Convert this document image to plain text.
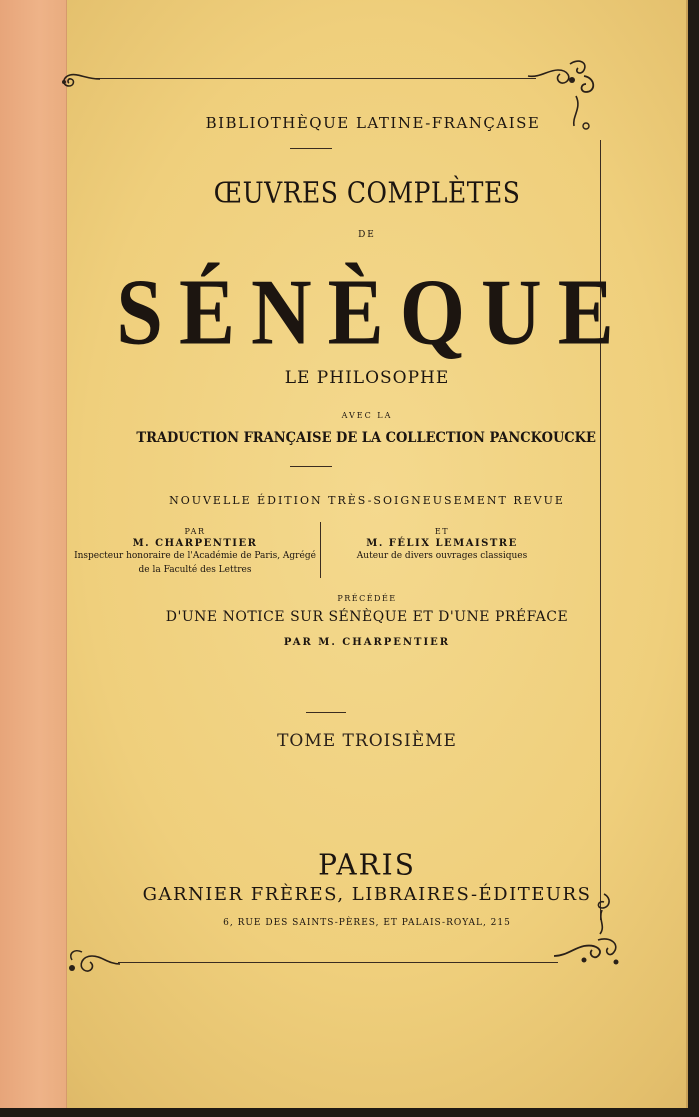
BIBLIOTHÈQUE LATINE-FRANÇAISE
ŒUVRES COMPLÈTES
DE
SÉNÈQUE
LE PHILOSOPHE
AVEC LA
TRADUCTION FRANÇAISE DE LA COLLECTION PANCKOUCKE
NOUVELLE ÉDITION TRÈS-SOIGNEUSEMENT REVUE
PAR
M. CHARPENTIER
Inspecteur honoraire de l'Académie de Paris, Agrégé
de la Faculté des Lettres
ET
M. FÉLIX LEMAISTRE
Auteur de divers ouvrages classiques
PRÉCÉDÉE
D'UNE NOTICE SUR SÉNÈQUE ET D'UNE PRÉFACE
PAR M. CHARPENTIER
TOME TROISIÈME
PARIS
GARNIER FRÈRES, LIBRAIRES-ÉDITEURS
6, RUE DES SAINTS-PÈRES, ET PALAIS-ROYAL, 215
